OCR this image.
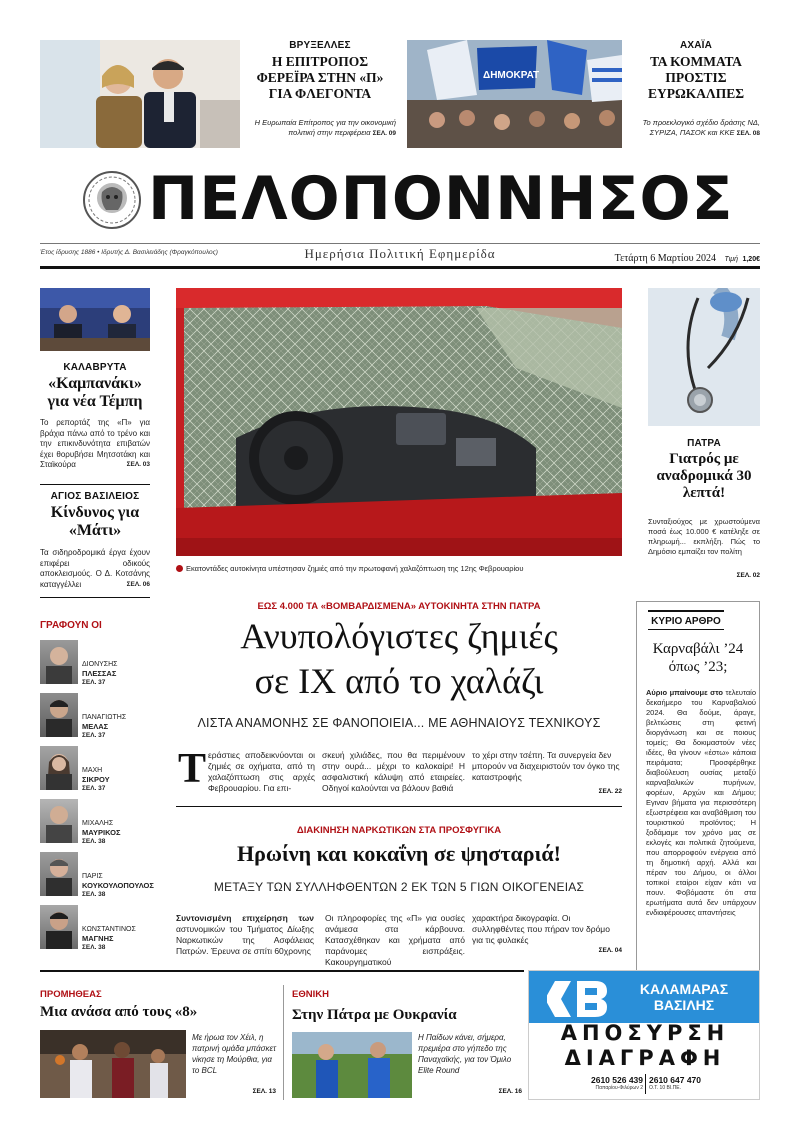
ΒΡΥΞΕΛΛΕΣ
Η ΕΠΙΤΡΟΠΟΣ ΦΕΡΕΪΡΑ ΣΤΗΝ «Π» ΓΙΑ ΦΛΕΓΟΝΤΑ
Η Ευρωπαία Επίτροπος για την οικονομική πολιτική στην περιφέρεια ΣΕΛ. 09
ΔΗΜΟΚΡΑΤ
ΑΧΑΪΑ
ΤΑ ΚΟΜΜΑΤΑ ΠΡΟΣΤΙΣ ΕΥΡΩΚΑΛΠΕΣ
Το προεκλογικό σχέδιο δράσης ΝΔ, ΣΥΡΙΖΑ, ΠΑΣΟΚ και ΚΚΕ ΣΕΛ. 08
ΠΕΛΟΠΟΝΝΗΣΟΣ
Έτος ίδρυσης 1886 • Ιδρυτής Δ. Βασιλειάδης (Φραγκόπουλος)	Ημερήσια Πολιτική Εφημερίδα	Τετάρτη 6 Μαρτίου 2024 Τιμή 1,20€
ΚΑΛΑΒΡΥΤΑ
«Καμπανάκι» για νέα Τέμπη
Το ρεπορτάζ της «Π» για βράχια πάνω από το τρένο και την επικινδυνότητα επιβατών έχει θορυβήσει Μητσοτάκη και Σταϊκούρα	ΣΕΛ. 03
ΑΓΙΟΣ ΒΑΣΙΛΕΙΟΣ
Κίνδυνος για «Μάτι»
Τα σιδηροδρομικά έργα έχουν επιφέρει οδικούς αποκλεισμούς. Ο Δ. Κοτσάνης καταγγέλλει	ΣΕΛ. 06
ΓΡΑΦΟΥΝ ΟΙ
ΔΙΟΝΥΣΗΣ
ΠΛΕΣΣΑΣ
ΣΕΛ. 37
ΠΑΝΑΓΙΩΤΗΣ
ΜΕΛΑΣ
ΣΕΛ. 37
ΜΑΧΗ
ΣΙΚΡΟΥ
ΣΕΛ. 37
ΜΙΧΑΛΗΣ
ΜΑΥΡΙΚΟΣ
ΣΕΛ. 38
ΠΑΡΙΣ
ΚΟΥΚΟΥΛΟΠΟΥΛΟΣ
ΣΕΛ. 38
ΚΩΝΣΤΑΝΤΙΝΟΣ
ΜΑΓΝΗΣ
ΣΕΛ. 38
Εκατοντάδες αυτοκίνητα υπέστησαν ζημιές από την πρωτοφανή χαλαζόπτωση της 12ης Φεβρουαρίου
ΠΑΤΡΑ
Γιατρός με αναδρομικά 30 λεπτά!
Συνταξιούχος με χρωστούμενα ποσά έως 10.000 € κατέληξε σε πληρωμή... εκπλήξη. Πώς το Δημόσιο εμπαίζει τον πολίτη
ΣΕΛ. 02
ΕΩΣ 4.000 ΤΑ «ΒΟΜΒΑΡΔΙΣΜΕΝΑ» ΑΥΤΟΚΙΝΗΤΑ ΣΤΗΝ ΠΑΤΡΑ
Ανυπολόγιστες ζημιές
σε ΙΧ από το χαλάζι
ΛΙΣΤΑ ΑΝΑΜΟΝΗΣ ΣΕ ΦΑΝΟΠΟΙΕΙΑ... ΜΕ ΑΘΗΝΑΙΟΥΣ ΤΕΧΝΙΚΟΥΣ
Τ εράστιες αποδεικνύονται οι ζημιές σε οχήματα, από τη χαλαζόπτωση στις αρχές Φεβρουαρίου. Για επι-
σκευή χιλιάδες, που θα περιμένουν στην ουρά... μέχρι το καλοκαίρι! Η ασφαλιστική κάλυψη από εταιρείες. Οδηγοί καλούνται να βάλουν βαθιά
το χέρι στην τσέπη. Τα συνεργεία δεν μπορούν να διαχειριστούν τον όγκο της καταστροφής
ΣΕΛ. 22
ΚΥΡΙΟ ΑΡΘΡΟ
Καρναβάλι ’24 όπως ’23;
Αύριο μπαίνουμε στο τελευταίο δεκαήμερο του Καρναβαλιού 2024. Θα δούμε, άραγε, βελτιώσεις στη φετινή διοργάνωση και σε ποιους τομείς; Θα δοκιμαστούν νέες ιδέες, θα γίνουν «έστω» κάποια πειράματα; Προσφέρθηκε διαβούλευση ουσίας μεταξύ καρναβαλικών πυρήνων, φορέων, Αρχών και Δήμου; Εγιναν βήματα για περισσότερη εξωστρέφεια και αναβάθμιση του τουριστικού προϊόντος; Η ξοδάμαμε τον χρόνο μας σε εκλογές και πολιτικά ζητούμενα, που απορροφούν ενέργεια από τη δημοτική αρχή. Αλλά και πέραν του Δήμου, οι άλλοι τοπικοί εταίροι είχαν κάτι να πουν. Φοβόμαστε ότι στα ερωτήματα αυτά δεν υπάρχουν ενδιαφέρουσες απαντήσεις
ΔΙΑΚΙΝΗΣΗ ΝΑΡΚΩΤΙΚΩΝ ΣΤΑ ΠΡΟΣΦΥΓΙΚΑ
Ηρωίνη και κοκαΐνη σε ψησταριά!
ΜΕΤΑΞΥ ΤΩΝ ΣΥΛΛΗΦΘΕΝΤΩΝ 2 ΕΚ ΤΩΝ 5 ΓΙΩΝ ΟΙΚΟΓΕΝΕΙΑΣ
Συντονισμένη επιχείρηση των αστυνομικών του Τμήματος Δίωξης Ναρκωτικών της Ασφάλειας Πατρών. Έρευνα σε σπίτι 60χρονης
Οι πληροφορίες της «Π» για ουσίες ανάμεσα στα κάρβουνα. Κατασχέθηκαν και χρήματα από παράνομες εισπράξεις. Κακουργηματικού
χαρακτήρα δικογραφία. Οι συλληφθέντες που πήραν τον δρόμο για τις φυλακές
ΣΕΛ. 04
ΠΡΟΜΗΘΕΑΣ
Μια ανάσα από τους «8»
Με ήρωα τον Χέιλ, η πατρινή ομάδα μπάσκετ νίκησε τη Μούρθια, για το BCL
ΣΕΛ. 13
ΕΘΝΙΚΗ
Στην Πάτρα με Ουκρανία
Η Παίδων κάνει, σήμερα, πρεμιέρα στο γήπεδο της Παναχαϊκής, για τον Όμιλο Elite Round
ΣΕΛ. 16
ΚΑΛΑΜΑΡΑΣ
ΒΑΣΙΛΗΣ
ΑΠΟΣΥΡΣΗ
ΔΙΑΓΡΑΦΗ
2610 526 439
Παπαρίου-Φιλύρων 2
2610 647 470
Ο.Τ. 10 ΒΙ.ΠΕ.
